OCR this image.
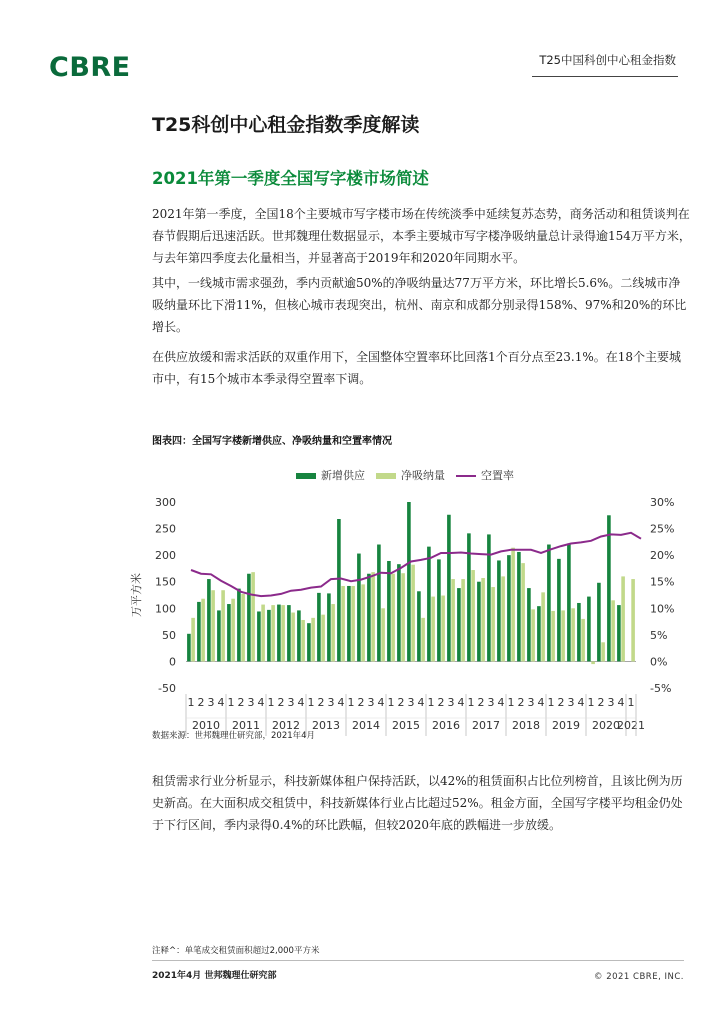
CBRE	T25中国科创中心租金指数
T25科创中心租金指数季度解读
2021年第一季度全国写字楼市场简述

2021年第一季度，全国18个主要城市写字楼市场在传统淡季中延续复苏态势，商务活动和租赁谈判在春节假期后迅速活跃。世邦魏理仕数据显示，本季主要城市写字楼净吸纳量总计录得逾154万平方米，与去年第四季度去化量相当，并显著高于2019年和2020年同期水平。

其中，一线城市需求强劲，季内贡献逾50%的净吸纳量达77万平方米，环比增长5.6%。二线城市净吸纳量环比下滑11%，但核心城市表现突出，杭州、南京和成都分别录得158%、97%和20%的环比增长。

在供应放缓和需求活跃的双重作用下，全国整体空置率环比回落1个百分点至23.1%。在18个主要城市中，有15个城市本季录得空置率下调。

图表四：全国写字楼新增供应、净吸纳量和空置率情况
-50
0
50
100
150
200
250
300
-5%
0%
5%
10%
15%
20%
25%
30%
万平方米
1 2 3 4 1 2 3 4 1 2 3 4 1 2 3 4 1 2 3 4 1 2 3 4 1 2 3 4 1 2 3 4 1 2 3 4 1 2 3 4 1 2 3 4 1
2010 2011 2012 2013 2014 2015 2016 2017 2018 2019 2020
2021
新增供应	净吸纳量	空置率
数据来源：世邦魏理仕研究部，2021年4月

租赁需求行业分析显示，科技新媒体租户保持活跃，以42%的租赁面积占比位列榜首，且该比例为历史新高。在大面积成交租赁中，科技新媒体行业占比超过52%。租金方面，全国写字楼平均租金仍处于下行区间，季内录得0.4%的环比跌幅，但较2020年底的跌幅进一步放缓。

注释^：单笔成交租赁面积超过2,000平方米
2021年4月 世邦魏理仕研究部	© 2021 CBRE, INC.
